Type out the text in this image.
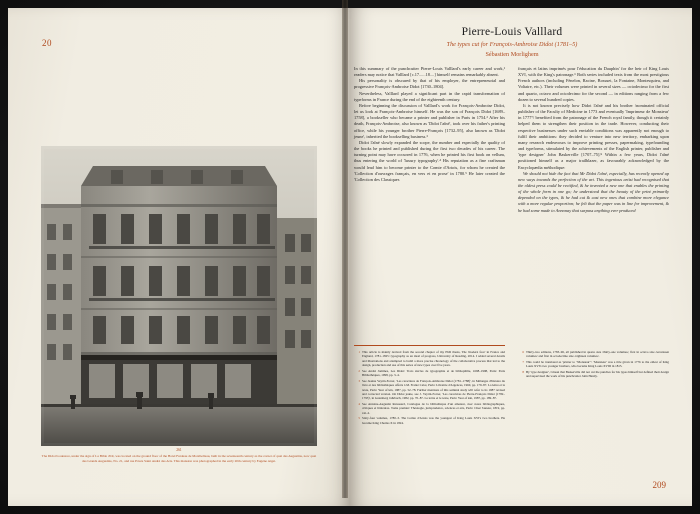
20
261
The Didot bookstore, under the sign of La Bible d'Or, was located on the ground floor of the Hotel Furdeau de Montbelleau, built in the seventeenth century as the corner of quai des Augustins, now quai des Grands Augustins, No. 21, and rue Pavée Saint André des Arts. This mansion was photographed in the early 20th century by Eugène Atget.
Pierre-Louis Valllard
The types cut for François-Ambroise Didot (1781–5)
Sébastien Morlighem

In this summary of the punchcutter Pierre-Louis Valllard's early career and work,¹ readers may notice that Valllard [c.17......18....] himself remains remarkably absent.

His personality is obscured by that of his employer, the entrepreneurial and progressive François-Ambroise Didot [1730–1804].

Nevertheless, Valllard played a significant part in the rapid transformation of typeforms in France during the end of the eighteenth century.

Before beginning the discussion of Valllard's work for François-Ambroise Didot, let us look at François-Ambroise himself. He was the son of François Didot [1689–1758], a bookseller who became a printer and publisher in Paris in 1754.² After his death, François-Ambroise, also known as 'Didot l'aîné', took over his father's printing office, while his younger brother Pierre-François [1732–95], also known as 'Didot jeune', inherited the bookselling business.³

Didot l'aîné slowly expanded the scope, the number and especially the quality of the books he printed and published during the first two decades of his career. The turning point may have occurred in 1776, when he printed his first book on vellum, thus entering the world of 'luxury typography'.⁴ His reputation as a fine craftsman would lead him to become printer to the Comte d'Artois, for whom he created the 'Collection d'ouvrages français, en vers et en prose' in 1780.⁵ He later created the 'Collection des Classiques

français et latins imprimés pour l'éducation du Dauphin' for the heir of King Louis XVI, with the King's patronage.⁶ Both series included texts from the most prestigious French authors (including Fénelon, Racine, Bossuet, la Fontaine, Montesquieu, and Voltaire, etc.). Their volumes were printed in several sizes — octodecimo for the first and quarto, octavo and octodecimo for the second — in editions ranging from a few dozen to several hundred copies.

It is not known precisely how Didot l'aîné and his brother /nominated official publisher of the Faculty of Medicine in 1773 and eventually 'Imprimeur de Monsieur' in 1777⁷/ benefited from the patronage of the French royal family, though it certainly helped them to strengthen their position in the trade. However, conducting their respective businesses under such enviable conditions was apparently not enough to fulfil their ambitions: they decided to venture into new territory, embarking upon many research endeavours to improve printing presses, papermaking, typefounding and typeforms, stimulated by the achievements of the English printer, publisher and 'type designer' John Baskerville [1707–75].⁸ Within a few years, Didot l'aîné positioned himself as a major trailblazer, as favourably acknowledged by the Encyclopædia méthodique:

We should not hide the fact that Mr Didot l'aîné, especially, has recently opened up new ways towards the perfection of the art. This ingenious artist had recognised that the oldest press could be rectified, & he invented a new one that enables the printing of the whole form in one go; he understood that the beauty of the print primarily depended on the types, & he had cut & cast new ones that combine more elegance with a more regular proportion; he felt that the paper was in line for improvement, & he had some made to Annonay that surpass anything ever produced

1 This article is mainly derived from the second chapter of my PhD thesis, The 'modern face' in France and England, 1781–1825: typography as an ideal of progress, University of Reading, 2014. I added several details and illustrations and attempted to build a more precise chronology of the collaborative process that led to the design, production and use of this series of new types over five years.
2 See André Jammes, Les Didot: Trois siècles de typographie et de bibliophilie, 1698–1998, Paris: Paris Bibliothèques, 1998, pp. 3–4.
3 See Jeanne Veyrin-Forrer, 'Les caractères de François-Ambroise Didot (1781–1788)', in Mélanges d'histoire du livre et des bibliothèques offerts à M. Frantz Calot, Paris: Librairie d'Argences, 1960, pp. 179–87. La lettre et le texte, Paris: Year of kin, 1987, pp. 52–78. Further mentions of this seminal study will refer to its 1987 revised and corrected version. On Didot jeune, see J. Veyrin-Forrer, 'Les caractères de Pierre-François Didot (1782–1793)', in Gutenberg Jahrbuch, 1982, pp. 70–87. La lettre et le texte, Paris: Year of kin, 1987, pp. 189–87.
4 See Antoine-Augustin Renouard, Catalogue de la bibliothèque d'un amateur, avec notes bibliographiques, critiques et littéraires. Tome premier: Théologie, jurisprudence, sciences et arts, Paris: Chez l'auteur, 1819, pp. xxi–2.
5 Sixty-four volumes, 1780–3. The Comte d'Artois was the youngest of King Louis XVI's two brothers. He became King Charles X in 1824.
6 Thirty-two editions, 1783–96, all published in quarto size /thirty-one volumes/, first in octavo size /seventeen volumes/ and first in octodecimo size /eighteen volumes/.
7 This could be translated as 'printer to "Monsieur"'. 'Monsieur' was a title given in 1776 to the eldest of King Louis XVI's two younger brothers, who became King Louis XVIII in 1815.
8 By 'type designer', I mean that Baskerville did not cut the punches for his types himself but defined their design and supervised the work of his punchcutter John Handy.
209
